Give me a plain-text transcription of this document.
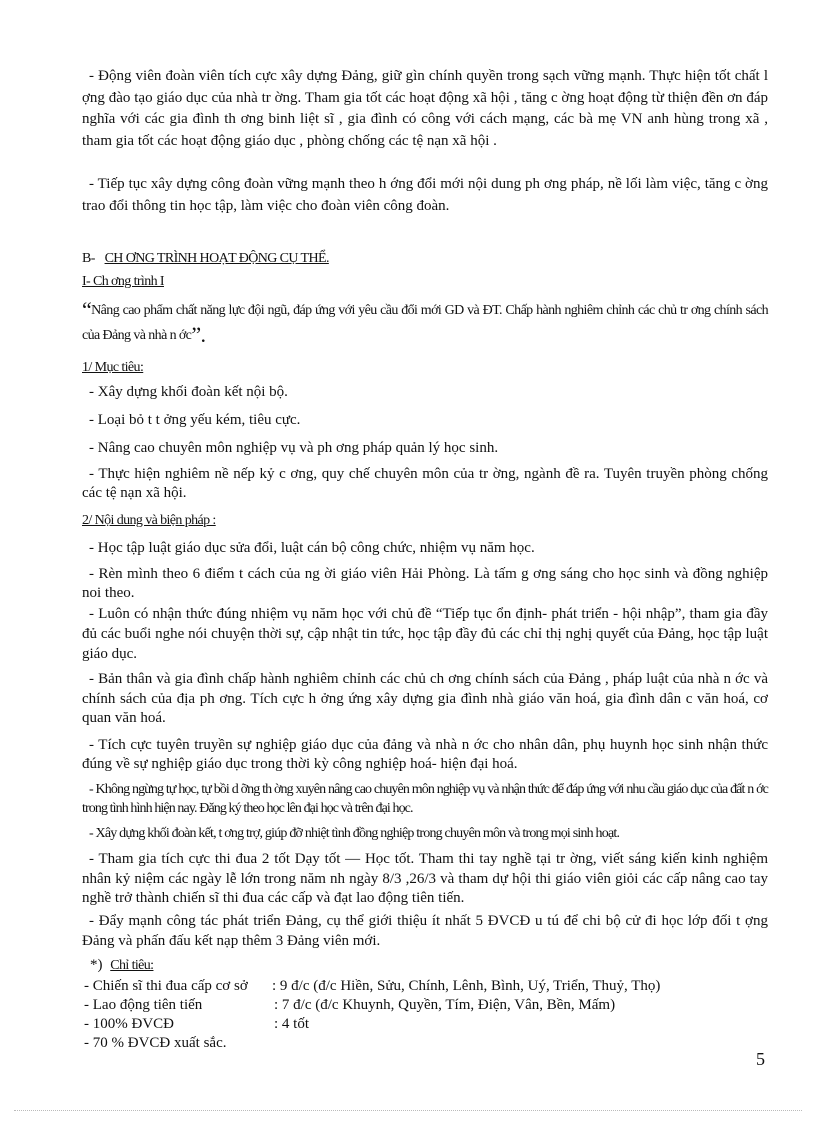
- Động viên đoàn viên tích cực xây dựng Đảng, giữ gìn chính quyền trong sạch vững mạnh. Thực hiện tốt chất l ợng đào tạo giáo dục của nhà tr ờng. Tham gia tốt các hoạt động xã hội , tăng c ờng hoạt động từ thiện đền ơn đáp nghĩa với các gia đình th ơng binh liệt sĩ , gia đình có công với cách mạng, các bà mẹ VN anh hùng trong xã , tham gia tốt các hoạt động giáo dục , phòng chống các tệ nạn xã hội .
- Tiếp tục xây dựng công đoàn vững mạnh theo h ớng đổi mới nội dung ph ơng pháp, nề lối làm việc, tăng c ờng trao đổi thông tin học tập, làm việc cho đoàn viên công đoàn.
B- CH ƠNG TRÌNH HOẠT ĐỘNG CỤ THỂ.
I- Ch ơng trình I
“Nâng cao phẩm chất năng lực đội ngũ, đáp ứng với yêu cầu đổi mới GD và ĐT. Chấp hành nghiêm chỉnh các chủ tr ơng chính sách của Đảng và nhà n ớc”.
1/ Mục tiêu:
- Xây dựng khối đoàn kết nội bộ.
- Loại bỏ t t ởng yếu kém, tiêu cực.
- Nâng cao chuyên môn nghiệp vụ và ph ơng pháp quản lý học sinh.
- Thực hiện nghiêm nề nếp kỷ c ơng, quy chế chuyên môn của tr ờng, ngành đề ra. Tuyên truyền phòng chống các tệ nạn xã hội.
2/ Nội dung và biện pháp :
- Học tập luật giáo dục sửa đổi, luật cán bộ công chức, nhiệm vụ năm học.
- Rèn mình theo 6 điểm t cách của ng ời giáo viên Hải Phòng. Là tấm g ơng sáng cho học sinh và đồng nghiệp noi theo.
- Luôn có nhận thức đúng nhiệm vụ năm học với chủ đề “Tiếp tục ổn định- phát triển - hội nhập”, tham gia đầy đủ các buổi nghe nói chuyện thời sự, cập nhật tin tức, học tập đầy đủ các chỉ thị nghị quyết của Đảng, học tập luật giáo dục.
- Bản thân và gia đình chấp hành nghiêm chỉnh các chủ ch ơng chính sách của Đảng , pháp luật của nhà n ớc và chính sách của địa ph ơng. Tích cực h ởng ứng xây dựng gia đình nhà giáo văn hoá, gia đình dân c văn hoá, cơ quan văn hoá.
- Tích cực tuyên truyền sự nghiệp giáo dục của đảng và nhà n ớc cho nhân dân, phụ huynh học sinh nhận thức đúng về sự nghiệp giáo dục trong thời kỳ công nghiệp hoá- hiện đại hoá.
- Không ngừng tự học, tự bồi d ỡng th ờng xuyên nâng cao chuyên môn nghiệp vụ và nhận thức để đáp ứng với nhu cầu giáo dục của đất n ớc trong tình hình hiện nay. Đăng ký theo học lên đại học và trên đại học.
- Xây dựng khối đoàn kết, t ơng trợ, giúp đỡ nhiệt tình đồng nghiệp trong chuyên môn và trong mọi sinh hoạt.
- Tham gia tích cực thi đua 2 tốt Dạy tốt — Học tốt. Tham thi tay nghề tại tr ờng, viết sáng kiến kinh nghiệm nhân kỷ niệm các ngày lễ lớn trong năm nh ngày 8/3 ,26/3 và tham dự hội thi giáo viên giỏi các cấp nâng cao tay nghề trở thành chiến sĩ thi đua các cấp và đạt lao động tiên tiến.
- Đẩy mạnh công tác phát triển Đảng, cụ thể giới thiệu ít nhất 5 ĐVCĐ u tú để chi bộ cử đi học lớp đối t ợng Đảng và phấn đấu kết nạp thêm 3 Đảng viên mới.
*) Chỉ tiêu:
- Chiến sĩ thi đua cấp cơ sở : 9 đ/c (đ/c Hiền, Sửu, Chính, Lênh, Bình, Uý, Triển, Thuỷ, Thọ)
- Lao động tiên tiến	: 7 đ/c (đ/c Khuynh, Quyền, Tím, Điện, Vân, Bền, Mấm)
- 100% ĐVCĐ	: 4 tốt
- 70 % ĐVCĐ xuất sắc.
5
